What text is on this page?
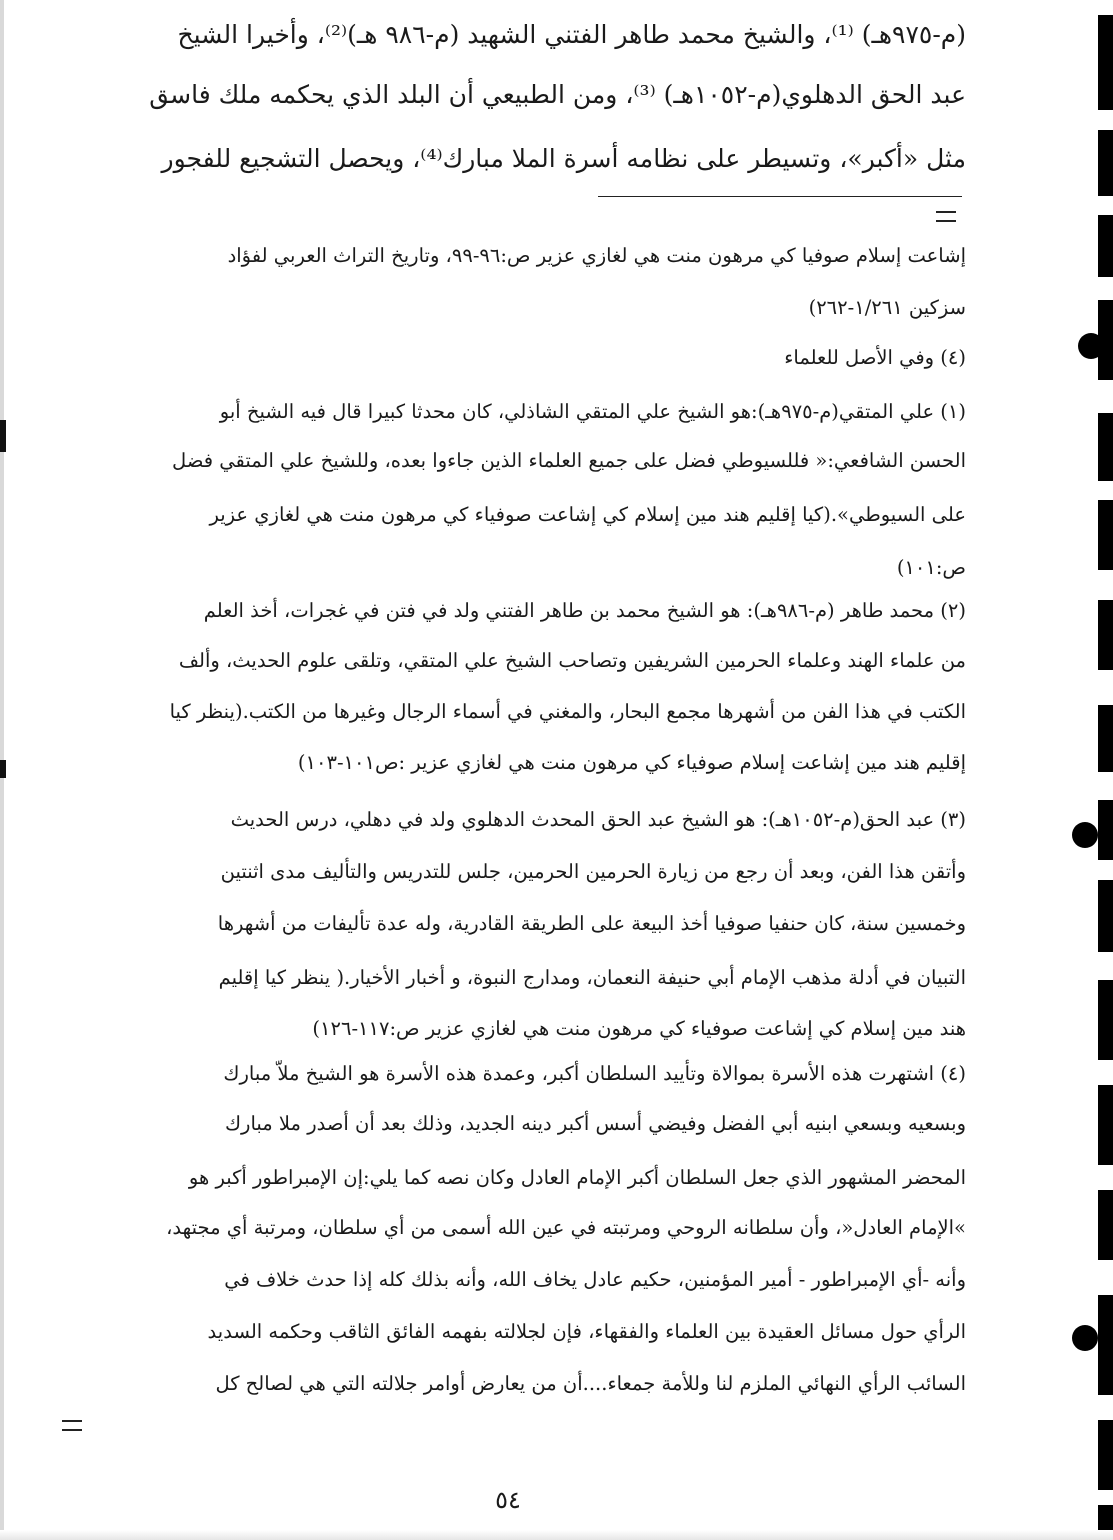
(م-٩٧٥هـ) ⁽¹⁾، والشيخ محمد طاهر الفتني الشهيد (م-٩٨٦ هـ)⁽²⁾، وأخيرا الشيخ
عبد الحق الدهلوي(م-١٠٥٢هـ) ⁽³⁾، ومن الطبيعي أن البلد الذي يحكمه ملك فاسق
مثل «أكبر»، وتسيطر على نظامه أسرة الملا مبارك⁽⁴⁾، ويحصل التشجيع للفجور
إشاعت إسلام صوفيا كي مرهون منت هي لغازي عزير ص:٩٦-٩٩، وتاريخ التراث العربي لفؤاد
سزكين ١/٢٦١-٢٦٢)
(٤) وفي الأصل للعلماء
(١) علي المتقي(م-٩٧٥هـ):هو الشيخ علي المتقي الشاذلي، كان محدثا كبيرا قال فيه الشيخ أبو
الحسن الشافعي:« فللسيوطي فضل على جميع العلماء الذين جاءوا بعده، وللشيخ علي المتقي فضل
على السيوطي».(كيا إقليم هند مين إسلام كي إشاعت صوفياء كي مرهون منت هي لغازي عزير
ص:١٠١)
(٢) محمد طاهر (م-٩٨٦هـ): هو الشيخ محمد بن طاهر الفتني ولد في فتن في غجرات، أخذ العلم
من علماء الهند وعلماء الحرمين الشريفين وتصاحب الشيخ علي المتقي، وتلقى علوم الحديث، وألف
الكتب في هذا الفن من أشهرها مجمع البحار، والمغني في أسماء الرجال وغيرها من الكتب.(ينظر كيا
إقليم هند مين إشاعت إسلام صوفياء كي مرهون منت هي لغازي عزير :ص١٠١-١٠٣)
(٣) عبد الحق(م-١٠٥٢هـ): هو الشيخ عبد الحق المحدث الدهلوي ولد في دهلي، درس الحديث
وأتقن هذا الفن، وبعد أن رجع من زيارة الحرمين الحرمين، جلس للتدريس والتأليف مدى اثنتين
وخمسين سنة، كان حنفيا صوفيا أخذ البيعة على الطريقة القادرية، وله عدة تأليفات من أشهرها
التبيان في أدلة مذهب الإمام أبي حنيفة النعمان، ومدارج النبوة، و أخبار الأخيار.( ينظر كيا إقليم
هند مين إسلام كي إشاعت صوفياء كي مرهون منت هي لغازي عزير ص:١١٧-١٢٦)
(٤) اشتهرت هذه الأسرة بموالاة وتأييد السلطان أكبر، وعمدة هذه الأسرة هو الشيخ ملاّ مبارك
وبسعيه وبسعي ابنيه أبي الفضل وفيضي أسس أكبر دينه الجديد، وذلك بعد أن أصدر ملا مبارك
المحضر المشهور الذي جعل السلطان أكبر الإمام العادل وكان نصه كما يلي:إن الإمبراطور أكبر هو
»الإمام العادل«، وأن سلطانه الروحي ومرتبته في عين الله أسمى من أي سلطان، ومرتبة أي مجتهد،
وأنه -أي الإمبراطور - أمير المؤمنين، حكيم عادل يخاف الله، وأنه بذلك كله إذا حدث خلاف في
الرأي حول مسائل العقيدة بين العلماء والفقهاء، فإن لجلالته بفهمه الفائق الثاقب وحكمه السديد
السائب الرأي النهائي الملزم لنا وللأمة جمعاء....أن من يعارض أوامر جلالته التي هي لصالح كل
٥٤
